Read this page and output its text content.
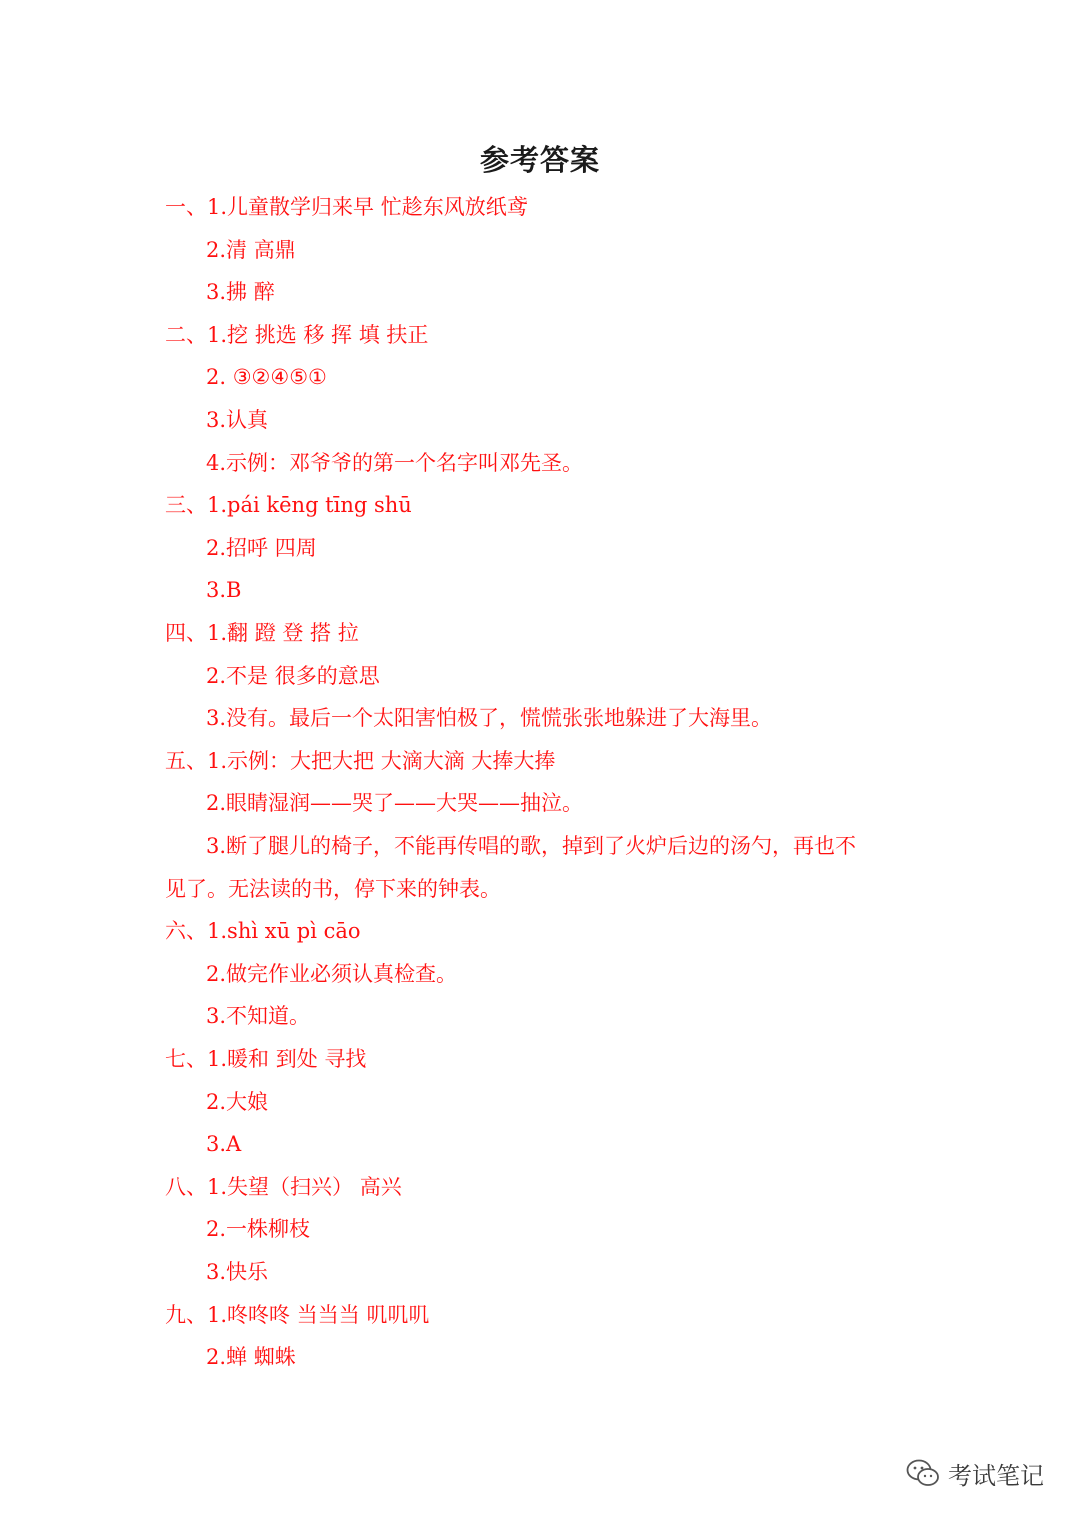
参考答案
一、1.儿童散学归来早 忙趁东风放纸鸢
2.清 高鼎
3.拂 醉
二、1.挖 挑选 移 挥 填 扶正
2. ③②④⑤①
3.认真
4.示例：邓爷爷的第一个名字叫邓先圣。
三、1.pái kēng tīng shū
2.招呼 四周
3.B
四、1.翻 蹬 登 搭 拉
2.不是 很多的意思
3.没有。最后一个太阳害怕极了，慌慌张张地躲进了大海里。
五、1.示例：大把大把 大滴大滴 大捧大捧
2.眼睛湿润——哭了——大哭——抽泣。
3.断了腿儿的椅子，不能再传唱的歌，掉到了火炉后边的汤勺，再也不
见了。无法读的书，停下来的钟表。
六、1.shì xū pì cāo
2.做完作业必须认真检查。
3.不知道。
七、1.暖和 到处 寻找
2.大娘
3.A
八、1.失望（扫兴） 高兴
2.一株柳枝
3.快乐
九、1.咚咚咚 当当当 叽叽叽
2.蝉 蜘蛛
考试笔记
